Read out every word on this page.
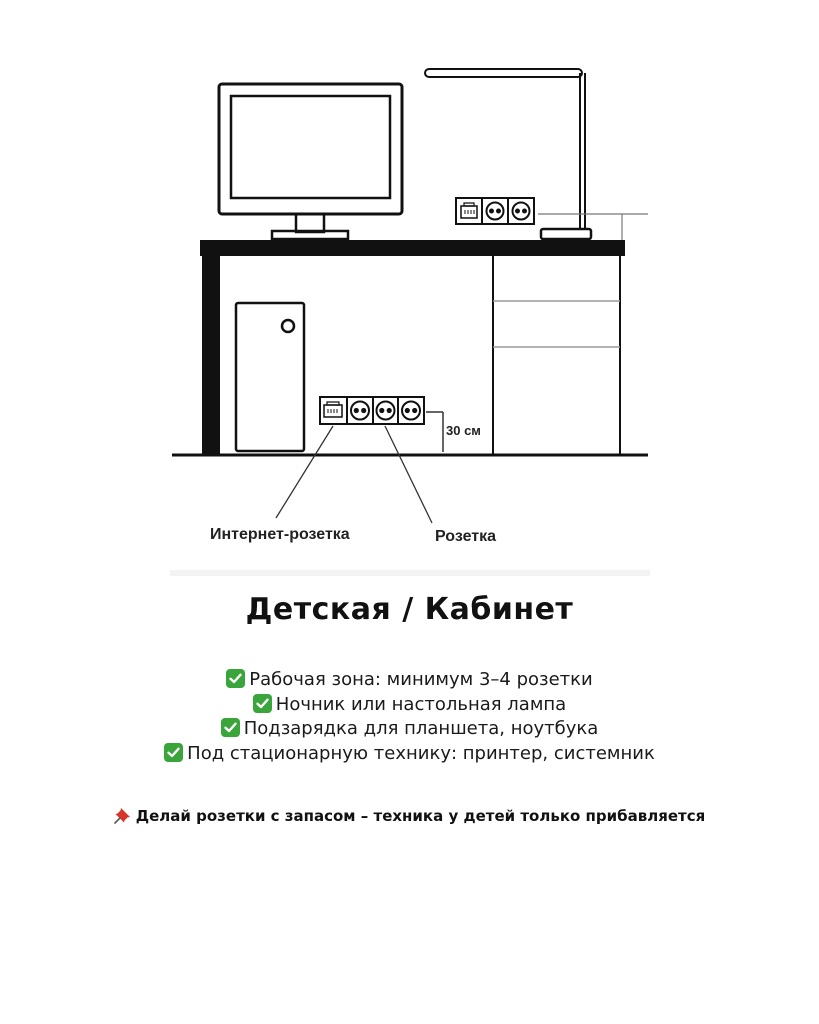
30 см
Интернет-розетка	Розетка
Детская / Кабинет
Рабочая зона: минимум 3–4 розетки
Ночник или настольная лампа
Подзарядка для планшета, ноутбука
Под стационарную технику: принтер, системник
Делай розетки с запасом – техника у детей только прибавляется
